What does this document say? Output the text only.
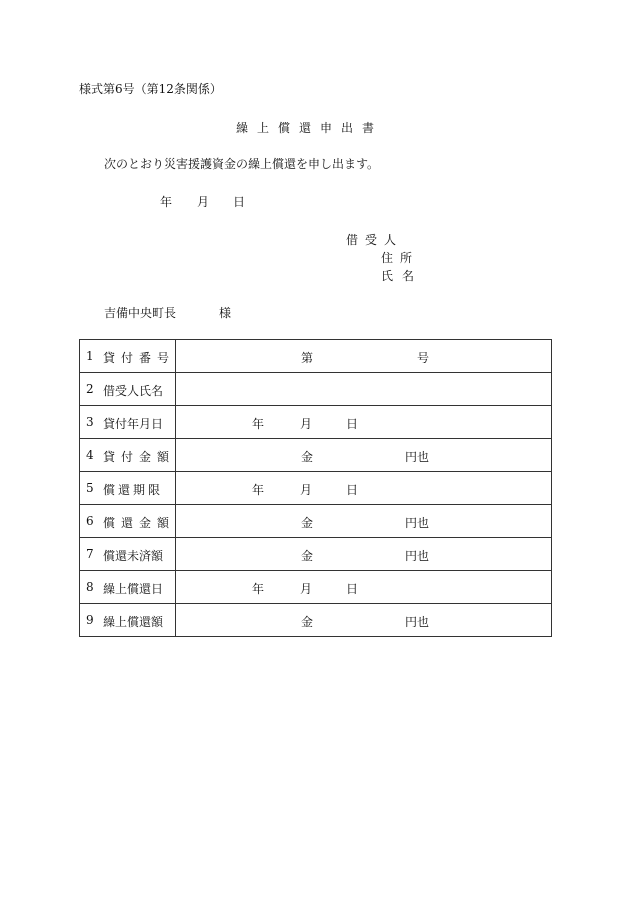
様式第6号（第12条関係）
繰上償還申出書
次のとおり災害援護資金の繰上償還を申し出ます。
年 月 日
借受人
住所
氏名
吉備中央町長	様
1 貸付番号	第 号

2 借受人氏名	

3 貸付年月日	年 月 日

4 貸付金額	金 円也

5 償還期限	年 月 日

6 償還金額	金 円也

7 償還未済額	金 円也

8 繰上償還日	年 月 日

9 繰上償還額	金 円也
